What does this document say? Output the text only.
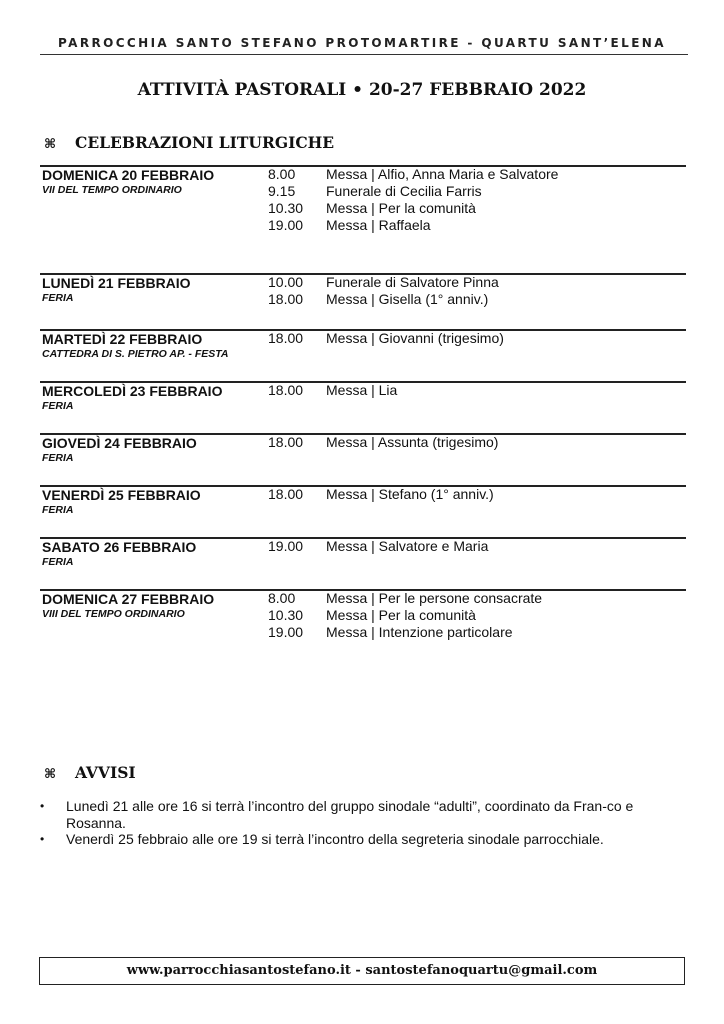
PARROCCHIA SANTO STEFANO PROTOMARTIRE - QUARTU SANT’ELENA
ATTIVITÀ PASTORALI • 20-27 FEBBRAIO 2022
⌘ CELEBRAZIONI LITURGICHE
DOMENICA 20 FEBBRAIO
VII DEL TEMPO ORDINARIO
8.00 Messa | Alfio, Anna Maria e Salvatore
9.15 Funerale di Cecilia Farris
10.30 Messa | Per la comunità
19.00 Messa | Raffaela
LUNEDÌ 21 FEBBRAIO
FERIA
10.00 Funerale di Salvatore Pinna
18.00 Messa | Gisella (1° anniv.)
MARTEDÌ 22 FEBBRAIO
CATTEDRA DI S. PIETRO AP. - FESTA
18.00 Messa | Giovanni (trigesimo)
MERCOLEDÌ 23 FEBBRAIO
FERIA
18.00 Messa | Lia
GIOVEDÌ 24 FEBBRAIO
FERIA
18.00 Messa | Assunta (trigesimo)
VENERDÌ 25 FEBBRAIO
FERIA
18.00 Messa | Stefano (1° anniv.)
SABATO 26 FEBBRAIO
FERIA
19.00 Messa | Salvatore e Maria
DOMENICA 27 FEBBRAIO
VIII DEL TEMPO ORDINARIO
8.00 Messa | Per le persone consacrate
10.30 Messa | Per la comunità
19.00 Messa | Intenzione particolare
⌘ AVVISI
• Lunedì 21 alle ore 16 si terrà l’incontro del gruppo sinodale “adulti”, coordinato da Fran-co e Rosanna.
• Venerdì 25 febbraio alle ore 19 si terrà l’incontro della segreteria sinodale parrocchiale.
www.parrocchiasantostefano.it - santostefanoquartu@gmail.com
